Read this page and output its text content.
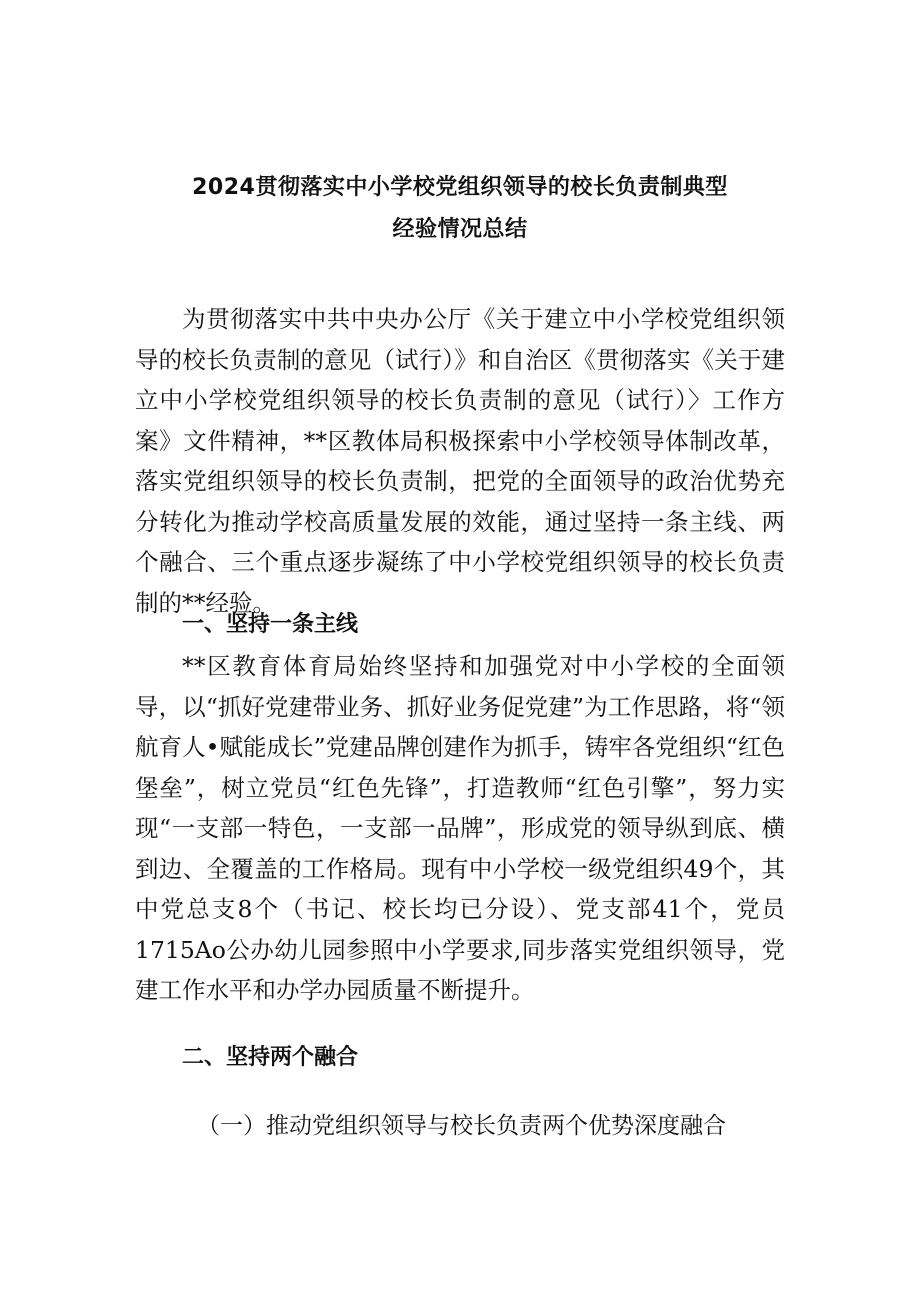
2024贯彻落实中小学校党组织领导的校长负责制典型
经验情况总结

为贯彻落实中共中央办公厅《关于建立中小学校党组织领导的校长负责制的意见（试行）》和自治区《贯彻落实《关于建立中小学校党组织领导的校长负责制的意见（试行）〉工作方案》文件精神，**区教体局积极探索中小学校领导体制改革，落实党组织领导的校长负责制，把党的全面领导的政治优势充分转化为推动学校高质量发展的效能，通过坚持一条主线、两个融合、三个重点逐步凝练了中小学校党组织领导的校长负责制的**经验。

一、坚持一条主线

**区教育体育局始终坚持和加强党对中小学校的全面领导，以“抓好党建带业务、抓好业务促党建”为工作思路，将“领航育人•赋能成长”党建品牌创建作为抓手，铸牢各党组织“红色堡垒”，树立党员“红色先锋”，打造教师“红色引擎”，努力实现“一支部一特色，一支部一品牌”，形成党的领导纵到底、横到边、全覆盖的工作格局。现有中小学校一级党组织49个，其中党总支8个（书记、校长均已分设）、党支部41个，党员1715Ao公办幼儿园参照中小学要求,同步落实党组织领导，党建工作水平和办学办园质量不断提升。

二、坚持两个融合

（一）推动党组织领导与校长负责两个优势深度融合
